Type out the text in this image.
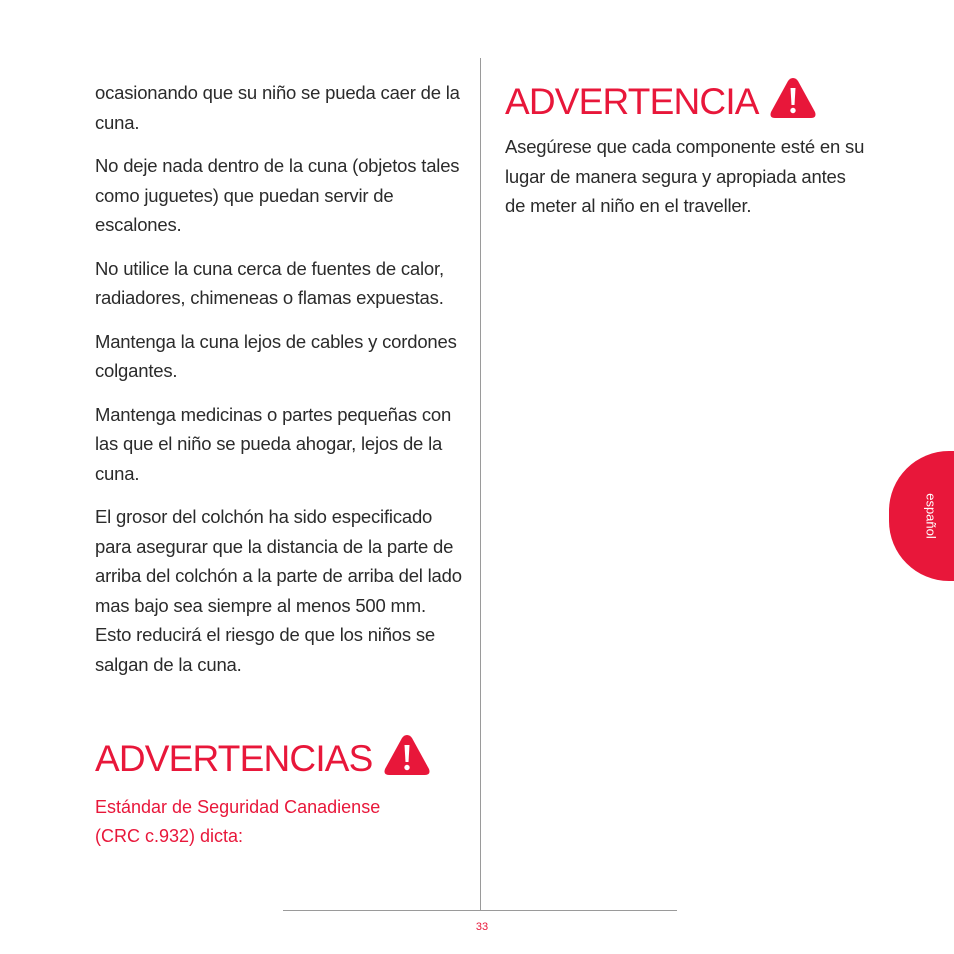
ocasionando que su niño se pueda caer de la cuna.

No deje nada dentro de la cuna (objetos tales como juguetes) que puedan servir de escalones.

No utilice la cuna cerca de fuentes de calor, radiadores, chimeneas o flamas expuestas.

Mantenga la cuna lejos de cables y cordones colgantes.

Mantenga medicinas o partes pequeñas con las que el niño se pueda ahogar, lejos de la cuna.

El grosor del colchón ha sido especificado para asegurar que la distancia de la parte de arriba del colchón a la parte de arriba del lado mas bajo sea siempre al menos 500 mm. Esto reducirá el riesgo de que los niños se salgan de la cuna.

ADVERTENCIAS
Estándar de Seguridad Canadiense
(CRC c.932) dicta:
ADVERTENCIA

Asegúrese que cada componente esté en su lugar de manera segura y apropiada antes de meter al niño en el traveller.

español
33
